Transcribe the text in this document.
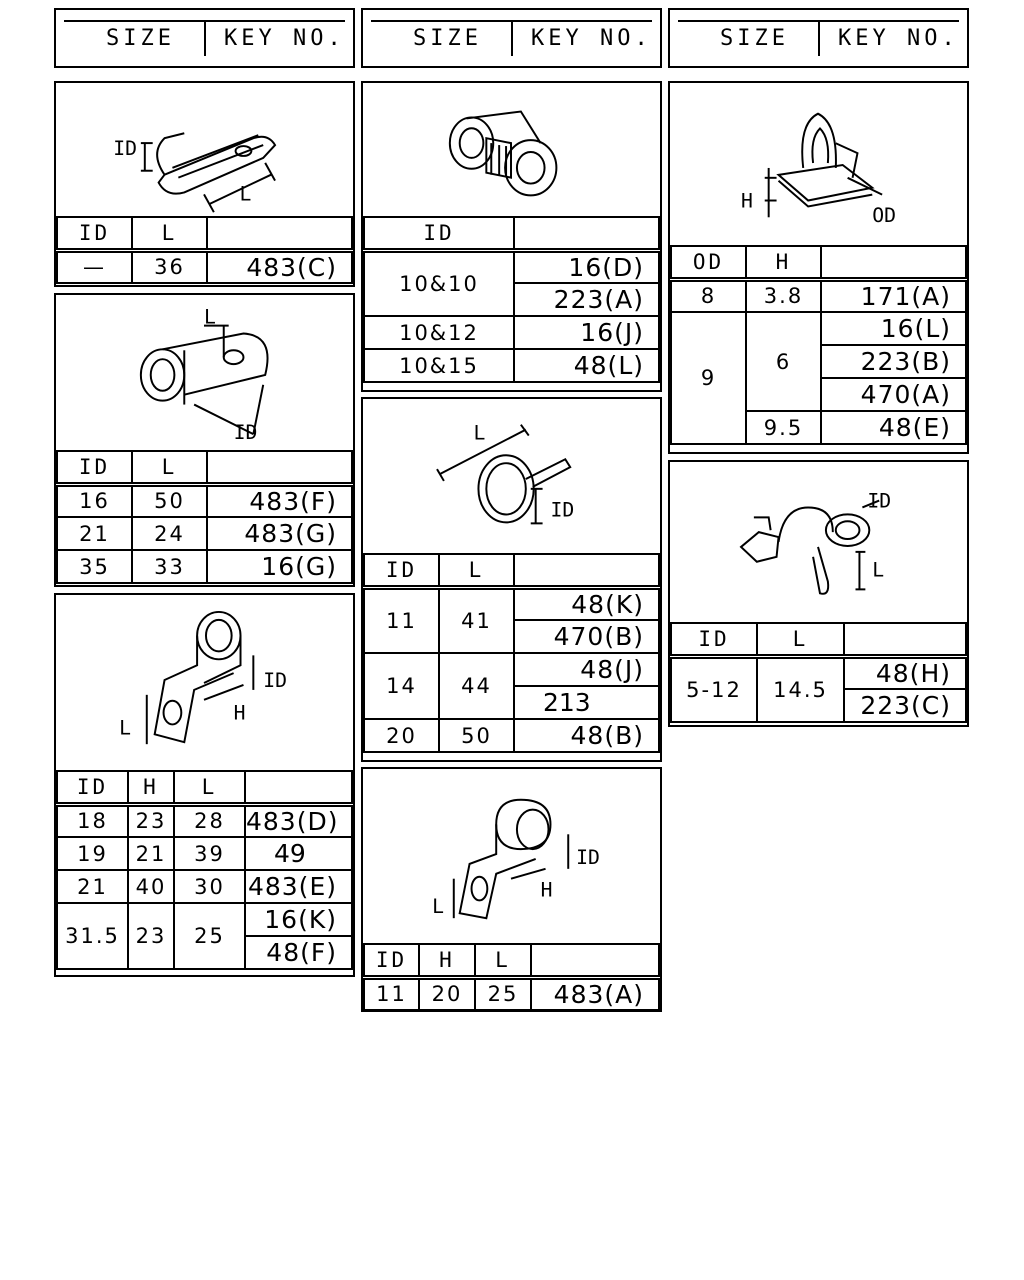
SIZE KEY NO.	SIZE KEY NO.	SIZE KEY NO.
ID
L
ID	L	
—	36	483(C)
L
ID
ID	L	
16	50	483(F)
21	24	483(G)
35	33	16(G)
ID
H
L
ID	H	L	
18	23	28	483(D)
19	21	39	49
21	40	30	483(E)
31.5	23	25	16(K)
			48(F)
ID	
10&10	16(D)
	223(A)
10&12	16(J)
10&15	48(L)
L
ID
ID	L	
11	41	48(K)
		470(B)
14	44	48(J)
		213
20	50	48(B)
ID
H
L
ID	H	L	
11	20	25	483(A)
H
OD
OD	H	
8	3.8	171(A)
9	6	16(L)
		223(B)
		470(A)
	9.5	48(E)
ID
L
ID	L	
5-12	14.5	48(H)
		223(C)
